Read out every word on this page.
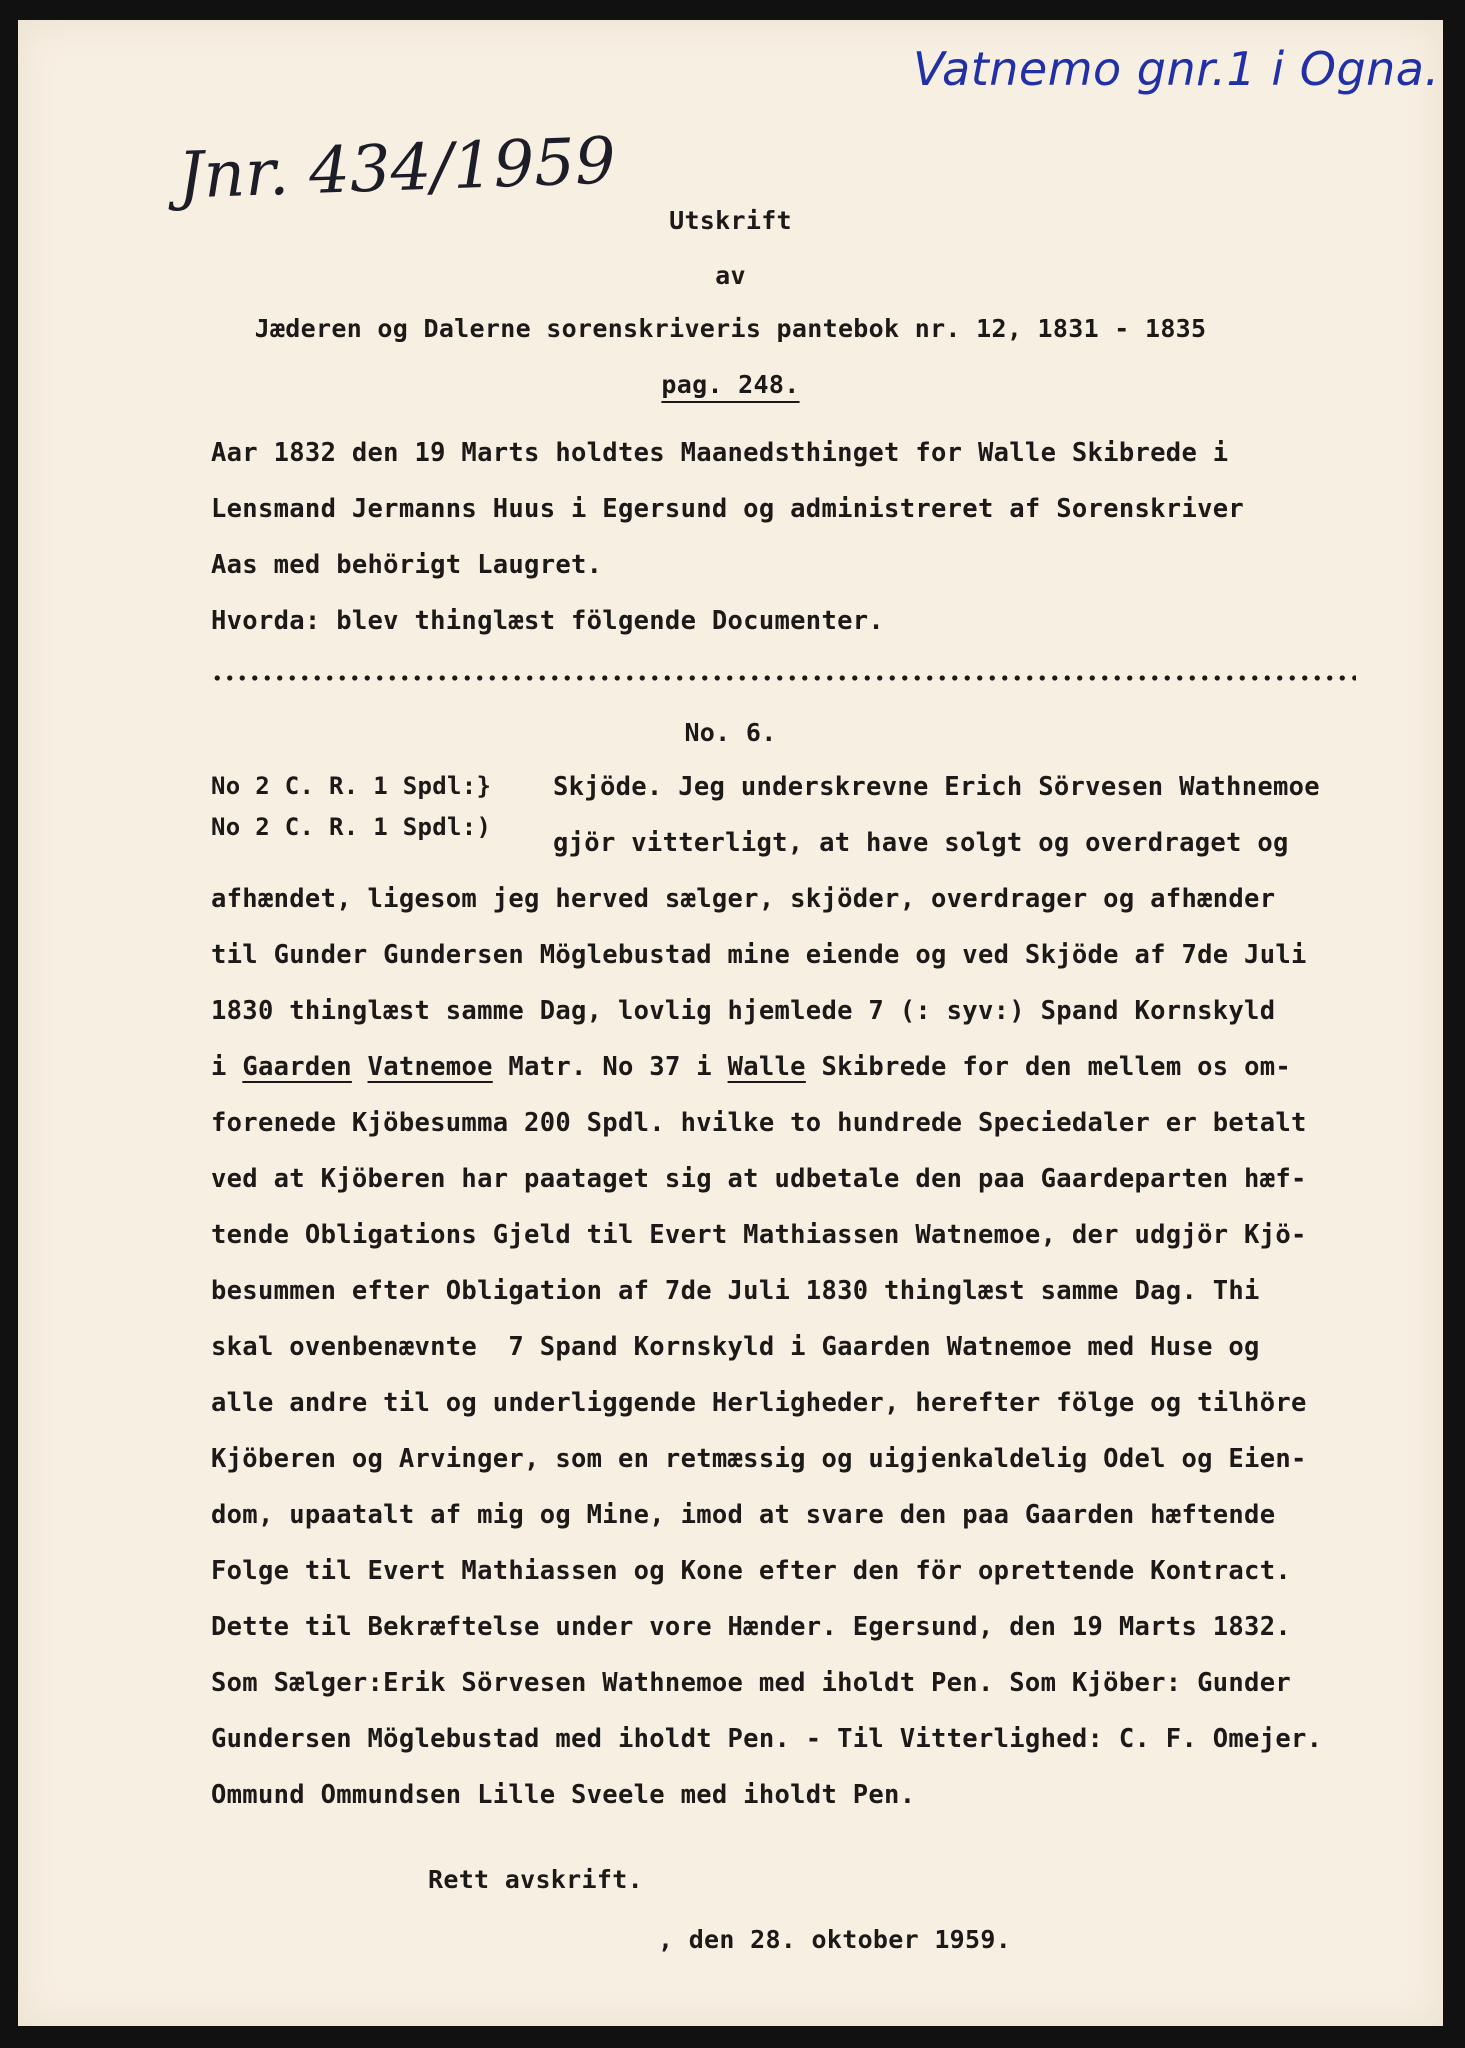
Vatnemo gnr.1 i Ogna.
Jnr. 434/1959
Utskrift
av
Jæderen og Dalerne sorenskriveris pantebok nr. 12, 1831 - 1835
pag. 248.
Aar 1832 den 19 Marts holdtes Maanedsthinget for Walle Skibrede i
Lensmand Jermanns Huus i Egersund og administreret af Sorenskriver
Aas med behörigt Laugret.
Hvorda: blev thinglæst fölgende Documenter.
No. 6.
No 2 C. R. 1 Spdl:}
No 2 C. R. 1 Spdl:)
Skjöde. Jeg underskrevne Erich Sörvesen Wathnemoe
gjör vitterligt, at have solgt og overdraget og
afhændet, ligesom jeg herved sælger, skjöder, overdrager og afhænder
til Gunder Gundersen Möglebustad mine eiende og ved Skjöde af 7de Juli
1830 thinglæst samme Dag, lovlig hjemlede 7 (: syv:) Spand Kornskyld
i Gaarden Vatnemoe Matr. No 37 i Walle Skibrede for den mellem os om-
forenede Kjöbesumma 200 Spdl. hvilke to hundrede Speciedaler er betalt
ved at Kjöberen har paataget sig at udbetale den paa Gaardeparten hæf-
tende Obligations Gjeld til Evert Mathiassen Watnemoe, der udgjör Kjö-
besummen efter Obligation af 7de Juli 1830 thinglæst samme Dag. Thi
skal ovenbenævnte  7 Spand Kornskyld i Gaarden Watnemoe med Huse og
alle andre til og underliggende Herligheder, herefter fölge og tilhöre
Kjöberen og Arvinger, som en retmæssig og uigjenkaldelig Odel og Eien-
dom, upaatalt af mig og Mine, imod at svare den paa Gaarden hæftende
Folge til Evert Mathiassen og Kone efter den för oprettende Kontract.
Dette til Bekræftelse under vore Hænder. Egersund, den 19 Marts 1832.
Som Sælger:Erik Sörvesen Wathnemoe med iholdt Pen. Som Kjöber: Gunder
Gundersen Möglebustad med iholdt Pen. - Til Vitterlighed: C. F. Omejer.
Ommund Ommundsen Lille Sveele med iholdt Pen.
Rett avskrift.
, den 28. oktober 1959.
